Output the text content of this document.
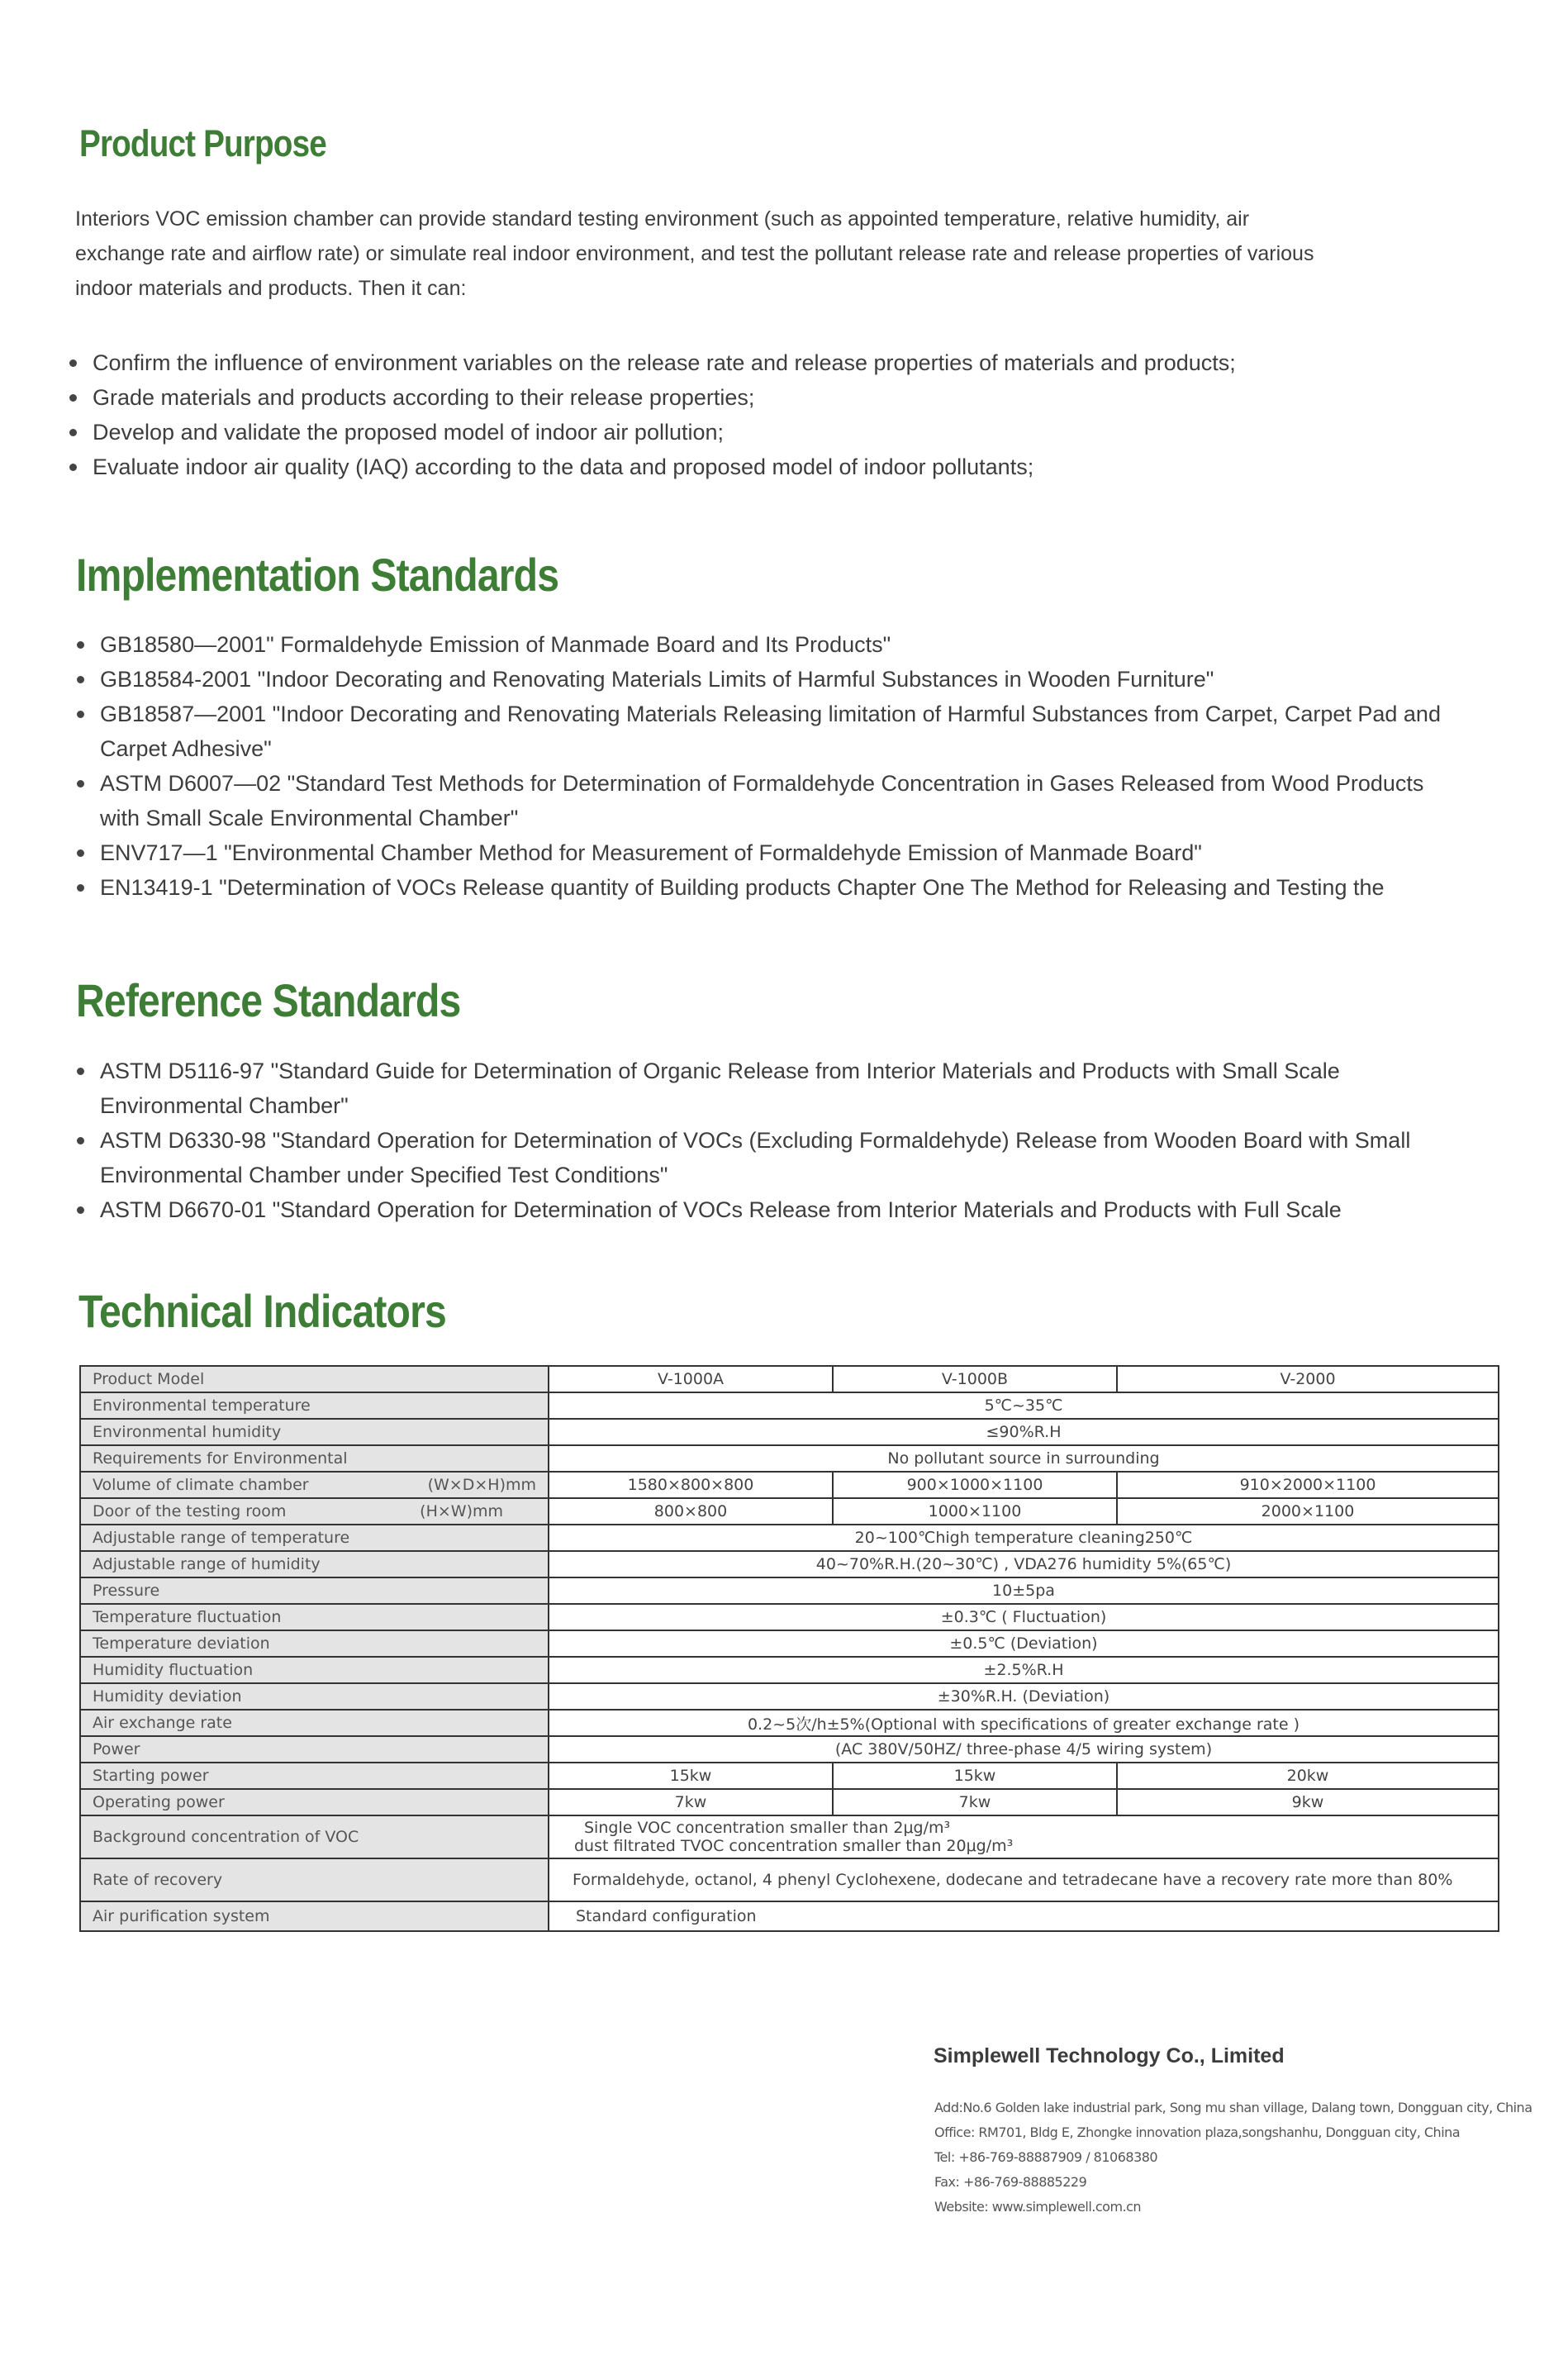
Product Purpose

Interiors VOC emission chamber can provide standard testing environment (such as appointed temperature, relative humidity, air exchange rate and airflow rate) or simulate real indoor environment, and test the pollutant release rate and release properties of various indoor materials and products. Then it can:

Confirm the influence of environment variables on the release rate and release properties of materials and products;
Grade materials and products according to their release properties;
Develop and validate the proposed model of indoor air pollution;
Evaluate indoor air quality (IAQ) according to the data and proposed model of indoor pollutants;
Implementation Standards
GB18580—2001" Formaldehyde Emission of Manmade Board and Its Products"
GB18584-2001 "Indoor Decorating and Renovating Materials Limits of Harmful Substances in Wooden Furniture"
GB18587—2001 "Indoor Decorating and Renovating Materials Releasing limitation of Harmful Substances from Carpet, Carpet Pad and Carpet Adhesive"
ASTM D6007—02 "Standard Test Methods for Determination of Formaldehyde Concentration in Gases Released from Wood Products with Small Scale Environmental Chamber"
ENV717—1 "Environmental Chamber Method for Measurement of Formaldehyde Emission of Manmade Board"
EN13419-1 "Determination of VOCs Release quantity of Building products Chapter One The Method for Releasing and Testing the
Reference Standards
ASTM D5116-97 "Standard Guide for Determination of Organic Release from Interior Materials and Products with Small Scale Environmental Chamber"
ASTM D6330-98 "Standard Operation for Determination of VOCs (Excluding Formaldehyde) Release from Wooden Board with Small Environmental Chamber under Specified Test Conditions"
ASTM D6670-01 "Standard Operation for Determination of VOCs Release from Interior Materials and Products with Full Scale
Technical Indicators
Product Model	V-1000A	V-1000B	V-2000
Environmental temperature	5℃~35℃		
Environmental humidity	≤90%R.H		
Requirements for Environmental	No pollutant source in surrounding		
Volume of climate chamber (W×D×H)mm	1580×800×800	900×1000×1100	910×2000×1100
Door of the testing room (H×W)mm	800×800	1000×1100	2000×1100
Adjustable range of temperature	20~100℃high temperature cleaning250℃		
Adjustable range of humidity	40~70%R.H.(20~30℃) , VDA276 humidity 5%(65℃)		
Pressure	10±5pa		
Temperature fluctuation	±0.3℃ ( Fluctuation)		
Temperature deviation	±0.5℃ (Deviation)		
Humidity fluctuation	±2.5%R.H		
Humidity deviation	±30%R.H. (Deviation)		
Air exchange rate	0.2~5次/h±5%(Optional with specifications of greater exchange rate )		
Power	(AC 380V/50HZ/ three-phase 4/5 wiring system)		
Starting power	15kw	15kw	20kw
Operating power	7kw	7kw	9kw
Background concentration of VOC	Single VOC concentration smaller than 2μg/m³
dust filtrated TVOC concentration smaller than 20μg/m³		

Rate of recovery	Formaldehyde, octanol, 4 phenyl Cyclohexene, dodecane and tetradecane have a recovery rate more than 80%		
Air purification system	Standard configuration		
Simplewell Technology Co., Limited
Add:No.6 Golden lake industrial park, Song mu shan village, Dalang town, Dongguan city, China
Office: RM701, Bldg E, Zhongke innovation plaza,songshanhu, Dongguan city, China
Tel: +86-769-88887909 / 81068380
Fax: +86-769-88885229
Website: www.simplewell.com.cn
